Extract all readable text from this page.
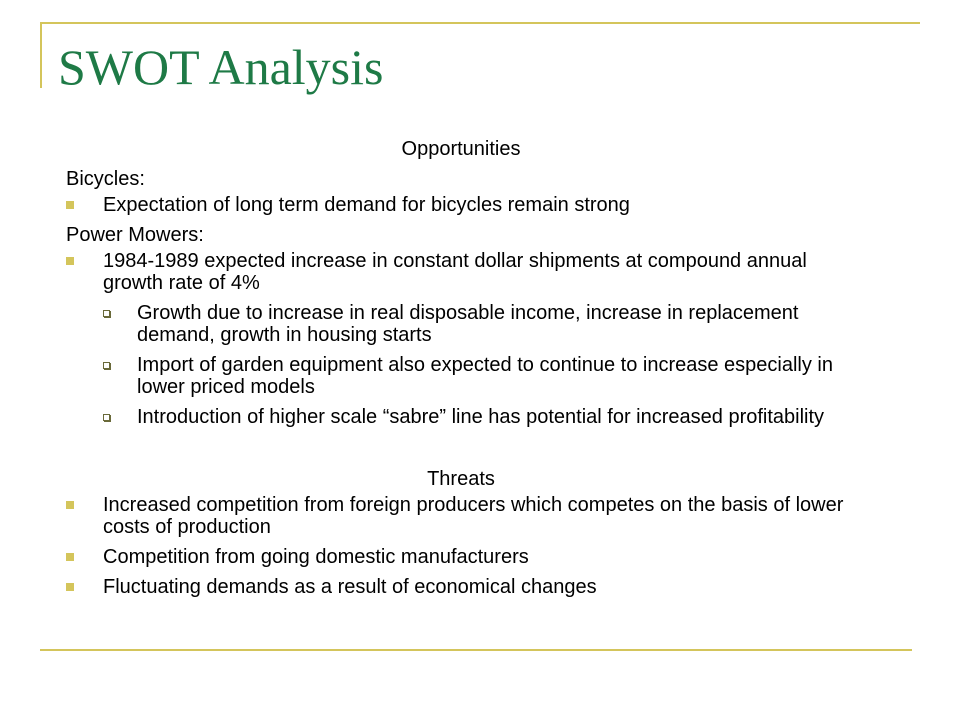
SWOT Analysis

Opportunities

Bicycles:

Expectation of long term demand for bicycles remain strong

Power Mowers:

1984-1989 expected increase in constant dollar shipments at compound annual growth rate of 4%
Growth due to increase in real disposable income, increase in replacement demand, growth in housing starts
Import of garden equipment also expected to continue to increase especially in lower priced models
Introduction of higher scale “sabre” line has potential for increased profitability

Threats

Increased competition from foreign producers which competes on the basis of lower costs of production
Competition from going domestic manufacturers
Fluctuating demands as a result of economical changes
